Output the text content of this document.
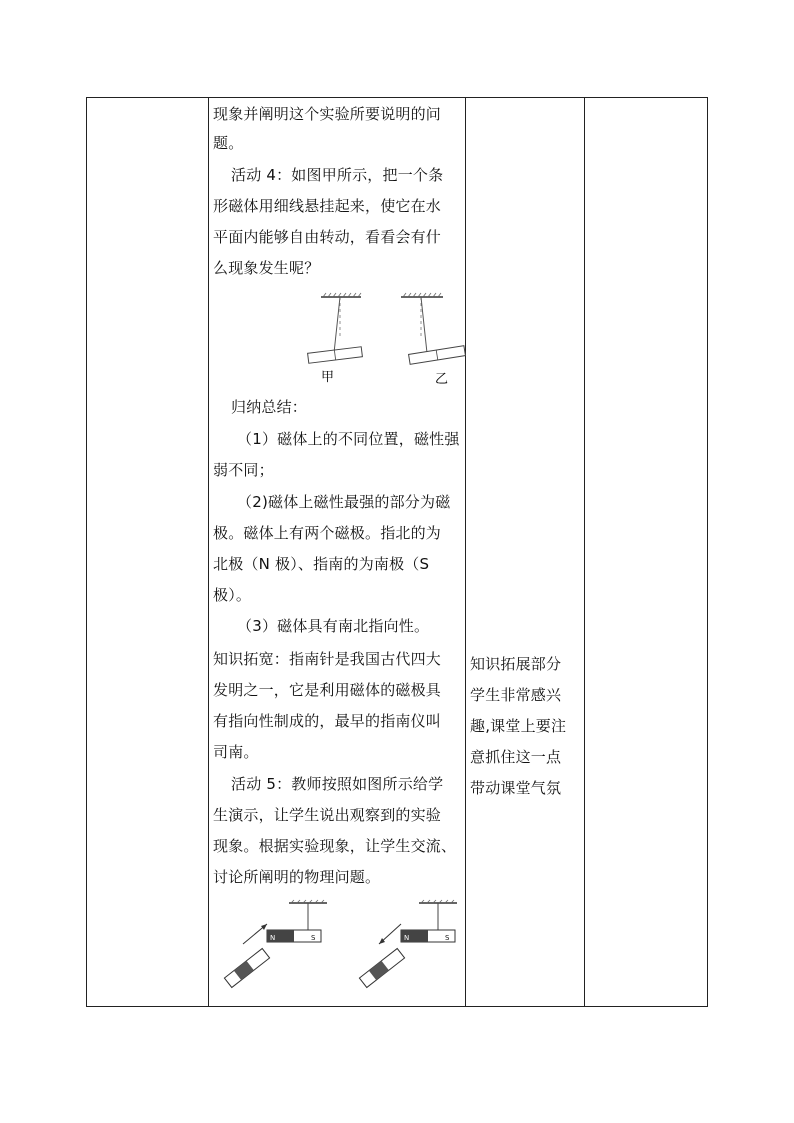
现象并阐明这个实验所要说明的问
题。
活动 4：如图甲所示，把一个条
形磁体用细线悬挂起来，使它在水
平面内能够自由转动，看看会有什
么现象发生呢？
甲	乙
归纳总结：
（1）磁体上的不同位置，磁性强
弱不同；
（2)磁体上磁性最强的部分为磁
极。磁体上有两个磁极。指北的为
北极（N 极）、指南的为南极（S
极）。
（3）磁体具有南北指向性。
知识拓宽：指南针是我国古代四大
发明之一，它是利用磁体的磁极具
有指向性制成的，最早的指南仪叫
司南。
活动 5：教师按照如图所示给学
生演示，让学生说出观察到的实验
现象。根据实验现象，让学生交流、
讨论所阐明的物理问题。
N	S	N	S
知识拓展部分
学生非常感兴
趣,课堂上要注
意抓住这一点
带动课堂气氛
